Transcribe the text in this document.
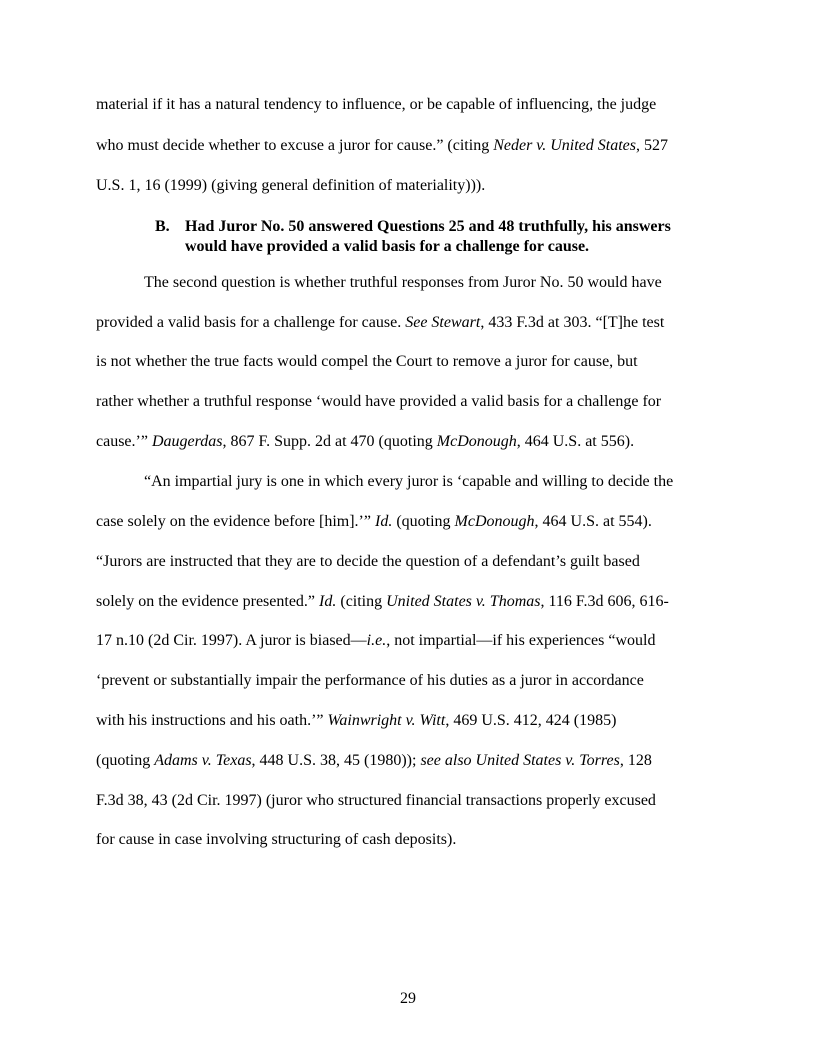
material if it has a natural tendency to influence, or be capable of influencing, the judge
who must decide whether to excuse a juror for cause.” (citing Neder v. United States, 527
U.S. 1, 16 (1999) (giving general definition of materiality))).
B. Had Juror No. 50 answered Questions 25 and 48 truthfully, his answers
would have provided a valid basis for a challenge for cause.
The second question is whether truthful responses from Juror No. 50 would have
provided a valid basis for a challenge for cause. See Stewart, 433 F.3d at 303. “[T]he test
is not whether the true facts would compel the Court to remove a juror for cause, but
rather whether a truthful response ‘would have provided a valid basis for a challenge for
cause.’” Daugerdas, 867 F. Supp. 2d at 470 (quoting McDonough, 464 U.S. at 556).
“An impartial jury is one in which every juror is ‘capable and willing to decide the
case solely on the evidence before [him].’” Id. (quoting McDonough, 464 U.S. at 554).
“Jurors are instructed that they are to decide the question of a defendant’s guilt based
solely on the evidence presented.” Id. (citing United States v. Thomas, 116 F.3d 606, 616-
17 n.10 (2d Cir. 1997). A juror is biased—i.e., not impartial—if his experiences “would
‘prevent or substantially impair the performance of his duties as a juror in accordance
with his instructions and his oath.’” Wainwright v. Witt, 469 U.S. 412, 424 (1985)
(quoting Adams v. Texas, 448 U.S. 38, 45 (1980)); see also United States v. Torres, 128
F.3d 38, 43 (2d Cir. 1997) (juror who structured financial transactions properly excused
for cause in case involving structuring of cash deposits).
29
